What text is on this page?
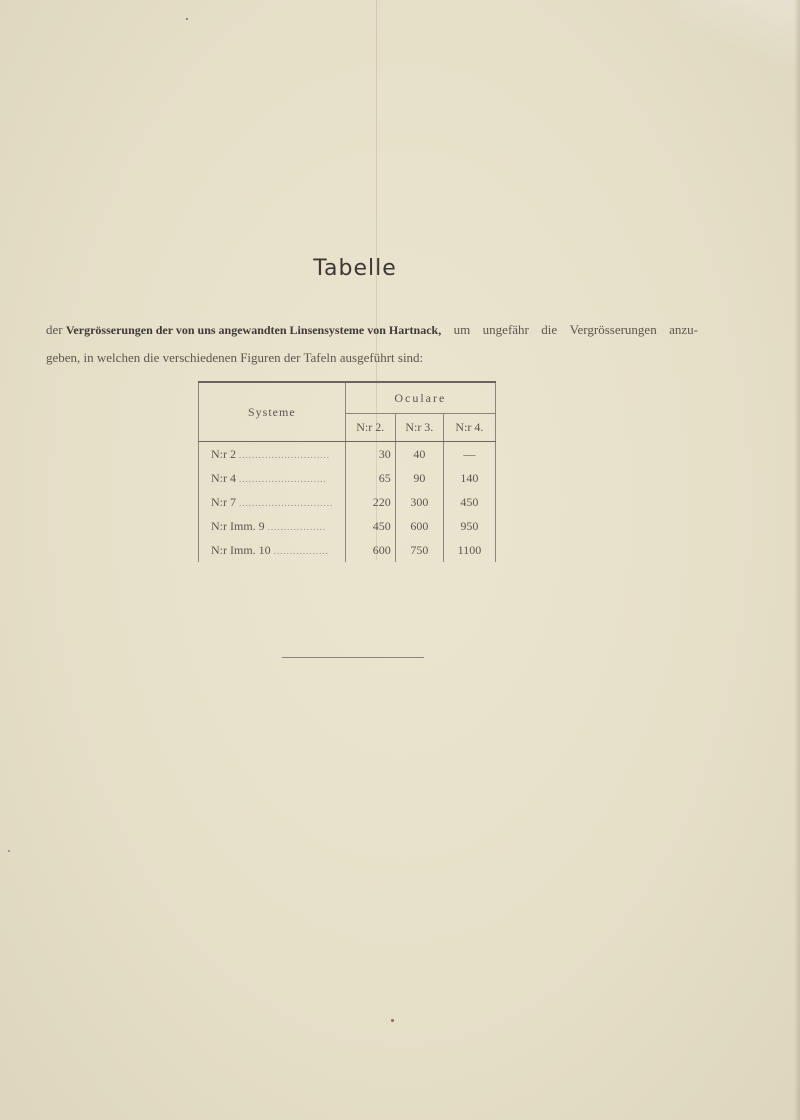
Tabelle
der Vergrösserungen der von uns angewandten Linsensysteme von Hartnack, um ungefähr die Vergrösserungen anzu-
geben, in welchen die verschiedenen Figuren der Tafeln ausgeführt sind:
Systeme	Oculare		
	N:r 2.	N:r 3.	N:r 4.
N:r 2 ............................	30	40	—
N:r 4 ...........................	65	90	140
N:r 7 .............................	220	300	450
N:r Imm. 9 ..................	450	600	950
N:r Imm. 10 .................	600	750	1100
